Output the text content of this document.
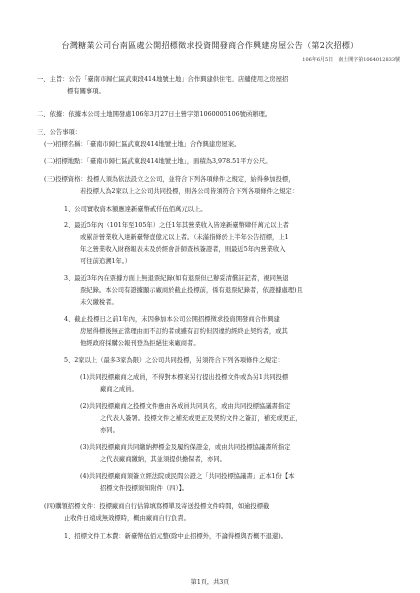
台灣糖業公司台南區處公開招標徵求投資開發商合作興建房屋公告（第2次招標）
106年6月5日　南土開字第1064012833號
一、主旨：公告「臺南市歸仁區武東段414地號土地」合作興建供住宅、店舖使用之房屋招
標有關事項。
二、依據：依據本公司土地開發處106年3月27日土營字第1060005106號函辦理。
三、公告事項：
(一)招標名稱：「臺南市歸仁區武東段414地號土地」合作興建房屋案。
(二)招標地點：「臺南市歸仁區武東段414地號土地」，面積為3,978.51平方公尺。
(三)投標資格：投標人須為依法設立之公司，並符合下列各項條件之規定，始得參加投標，
若投標人為2家以上之公司共同投標，則各公司皆須符合下列各項條件之規定：
1、公司實收資本額應達新臺幣貳仟伍佰萬元以上。
2、最近5年內（101年至105年）之任1年其營業收入皆達新臺幣肆仟萬元以上者
或累計營業收入達新臺幣壹億元以上者。（未滿指條於上半年公告招標，上1
年之營業收入財務報表未及於經會計師查核簽證者，則最近5年內營業收入
可往前追溯1年。）
3、最近3年內在票據方面上無退票紀錄(如有退票但已辦妥清償註記者，視同無退
票紀錄。本公司有證據顯示廠商於截止投標前，係有退票紀錄者，依證據處理)且
未欠繳稅者。
4、截止投標日之前1年內，未因參加本公司公開招標徵求投資開發商合作興建
房屋得標後無正當理由而不訂約者或雖有訂約但因違約經終止契約者，或其
他經政府採購公報刊登為拒絕往來廠商者。
5、2家以上（最多3家為限）之公司共同投標，另須符合下列各項條件之規定：
(1)共同投標廠商之成員，不得對本標案另行提出投標文件或為另1共同投標
廠商之成員。
(2)共同投標廠商之投標文件應由各成員共同具名，或由共同投標協議書指定
之代表人簽署。投標文件之補充或更正及契約文件之簽訂，補充或更正，
亦同。
(3)共同投標廠商共同繳納押標金及履約保證金，或由共同投標協議書所指定
之代表廠商繳納，其並須提供擔保者，亦同。
(4)共同投標廠商須簽立經法院或民間公證之「共同投標協議書」正本1份【本
招標文件投標須知附件（四）】。
(四)購領招標文件：投標廠商自行估算填寫標單及寄送投標文件時間，如逾投標截
止收件日遠成無效標時，概由廠商自行負責。
1、招標文件工本費：新臺幣伍佰元整(除中止招標外，不論得標與否概不退還)。
第1頁，共3頁
